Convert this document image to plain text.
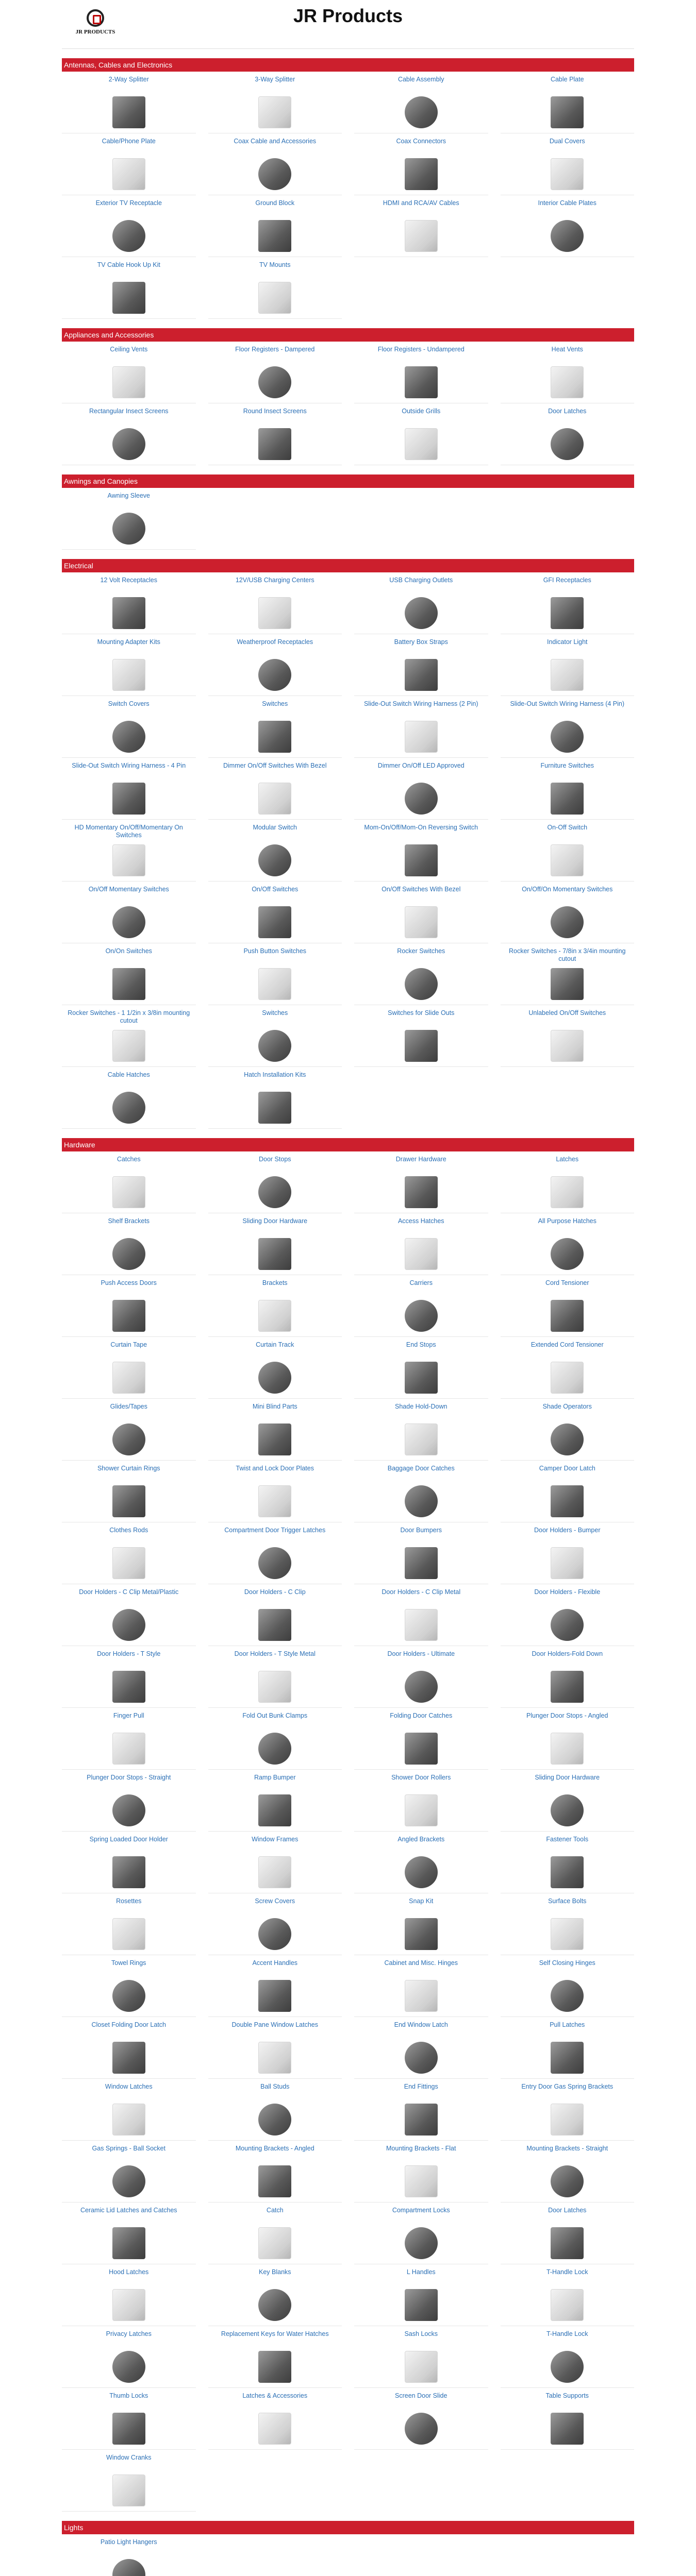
JR PRODUCTS
JR Products
Antennas, Cables and Electronics
2-Way Splitter	3-Way Splitter	Cable Assembly	Cable Plate
Cable/Phone Plate	Coax Cable and Accessories	Coax Connectors	Dual Covers
Exterior TV Receptacle	Ground Block	HDMI and RCA/AV Cables	Interior Cable Plates
TV Cable Hook Up Kit	TV Mounts
Appliances and Accessories
Ceiling Vents	Floor Registers - Dampered	Floor Registers - Undampered	Heat Vents
Rectangular Insect Screens	Round Insect Screens	Outside Grills	Door Latches
Awnings and Canopies
Awning Sleeve
Electrical
12 Volt Receptacles	12V/USB Charging Centers	USB Charging Outlets	GFI Receptacles
Mounting Adapter Kits	Weatherproof Receptacles	Battery Box Straps	Indicator Light
Switch Covers	Switches	Slide-Out Switch Wiring Harness (2 Pin)	Slide-Out Switch Wiring Harness (4 Pin)
Slide-Out Switch Wiring Harness - 4 Pin	Dimmer On/Off Switches With Bezel	Dimmer On/Off LED Approved	Furniture Switches
HD Momentary On/Off/Momentary On Switches
Modular Switch	Mom-On/Off/Mom-On Reversing Switch	On-Off Switch
On/Off Momentary Switches	On/Off Switches	On/Off Switches With Bezel	On/Off/On Momentary Switches
On/On Switches	Push Button Switches	Rocker Switches	Rocker Switches - 7/8in x 3/4in mounting cutout
Rocker Switches - 1 1/2in x 3/8in mounting cutout
Switches	Switches for Slide Outs	Unlabeled On/Off Switches
Cable Hatches	Hatch Installation Kits
Hardware
Catches	Door Stops	Drawer Hardware	Latches
Shelf Brackets	Sliding Door Hardware	Access Hatches	All Purpose Hatches
Push Access Doors	Brackets	Carriers	Cord Tensioner
Curtain Tape	Curtain Track	End Stops	Extended Cord Tensioner
Glides/Tapes	Mini Blind Parts	Shade Hold-Down	Shade Operators
Shower Curtain Rings	Twist and Lock Door Plates	Baggage Door Catches	Camper Door Latch
Clothes Rods	Compartment Door Trigger Latches	Door Bumpers	Door Holders - Bumper
Door Holders - C Clip Metal/Plastic	Door Holders - C Clip	Door Holders - C Clip Metal	Door Holders - Flexible
Door Holders - T Style	Door Holders - T Style Metal	Door Holders - Ultimate	Door Holders-Fold Down
Finger Pull	Fold Out Bunk Clamps	Folding Door Catches	Plunger Door Stops - Angled
Plunger Door Stops - Straight	Ramp Bumper	Shower Door Rollers	Sliding Door Hardware
Spring Loaded Door Holder	Window Frames	Angled Brackets	Fastener Tools
Rosettes	Screw Covers	Snap Kit	Surface Bolts
Towel Rings	Accent Handles	Cabinet and Misc. Hinges	Self Closing Hinges
Closet Folding Door Latch	Double Pane Window Latches	End Window Latch	Pull Latches
Window Latches	Ball Studs	End Fittings	Entry Door Gas Spring Brackets
Gas Springs - Ball Socket	Mounting Brackets - Angled	Mounting Brackets - Flat	Mounting Brackets - Straight
Ceramic Lid Latches and Catches	Catch	Compartment Locks	Door Latches
Hood Latches	Key Blanks	L Handles	T-Handle Lock
Privacy Latches	Replacement Keys for Water Hatches	Sash Locks	T-Handle Lock
Thumb Locks	Latches & Accessories	Screen Door Slide	Table Supports
Window Cranks
Lights
Patio Light Hangers
